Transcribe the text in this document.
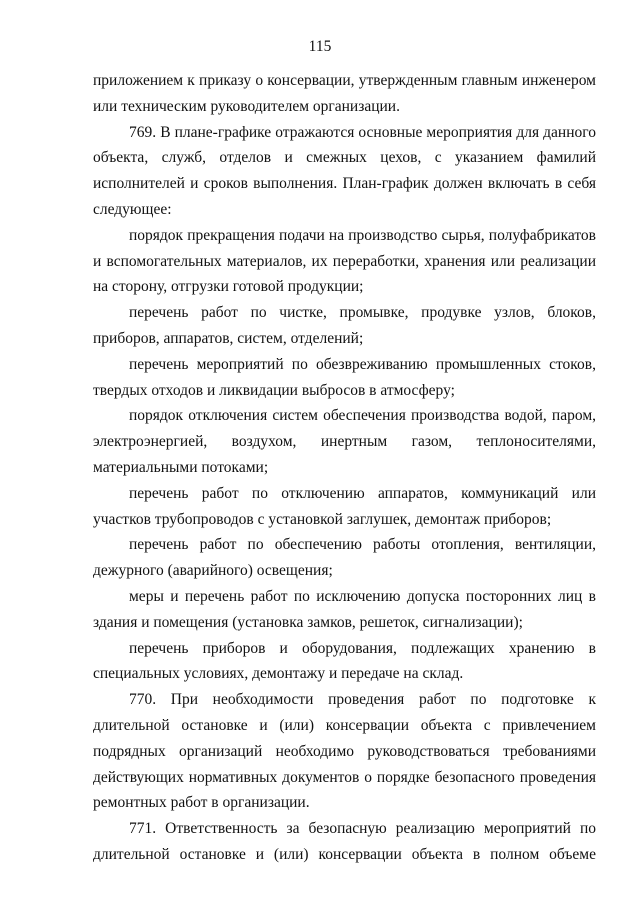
115

приложением к приказу о консервации, утвержденным главным инженером или техническим руководителем организации.

769. В плане-графике отражаются основные мероприятия для данного объекта, служб, отделов и смежных цехов, с указанием фамилий исполнителей и сроков выполнения. План-график должен включать в себя следующее:

порядок прекращения подачи на производство сырья, полуфабрикатов и вспомогательных материалов, их переработки, хранения или реализации на сторону, отгрузки готовой продукции;

перечень работ по чистке, промывке, продувке узлов, блоков, приборов, аппаратов, систем, отделений;

перечень мероприятий по обезвреживанию промышленных стоков, твердых отходов и ликвидации выбросов в атмосферу;

порядок отключения систем обеспечения производства водой, паром, электроэнергией, воздухом, инертным газом, теплоносителями, материальными потоками;

перечень работ по отключению аппаратов, коммуникаций или участков трубопроводов с установкой заглушек, демонтаж приборов;

перечень работ по обеспечению работы отопления, вентиляции, дежурного (аварийного) освещения;

меры и перечень работ по исключению допуска посторонних лиц в здания и помещения (установка замков, решеток, сигнализации);

перечень приборов и оборудования, подлежащих хранению в специальных условиях, демонтажу и передаче на склад.

770. При необходимости проведения работ по подготовке к длительной остановке и (или) консервации объекта с привлечением подрядных организаций необходимо руководствоваться требованиями действующих нормативных документов о порядке безопасного проведения ремонтных работ в организации.

771. Ответственность за безопасную реализацию мероприятий по длительной остановке и (или) консервации объекта в полном объеме
